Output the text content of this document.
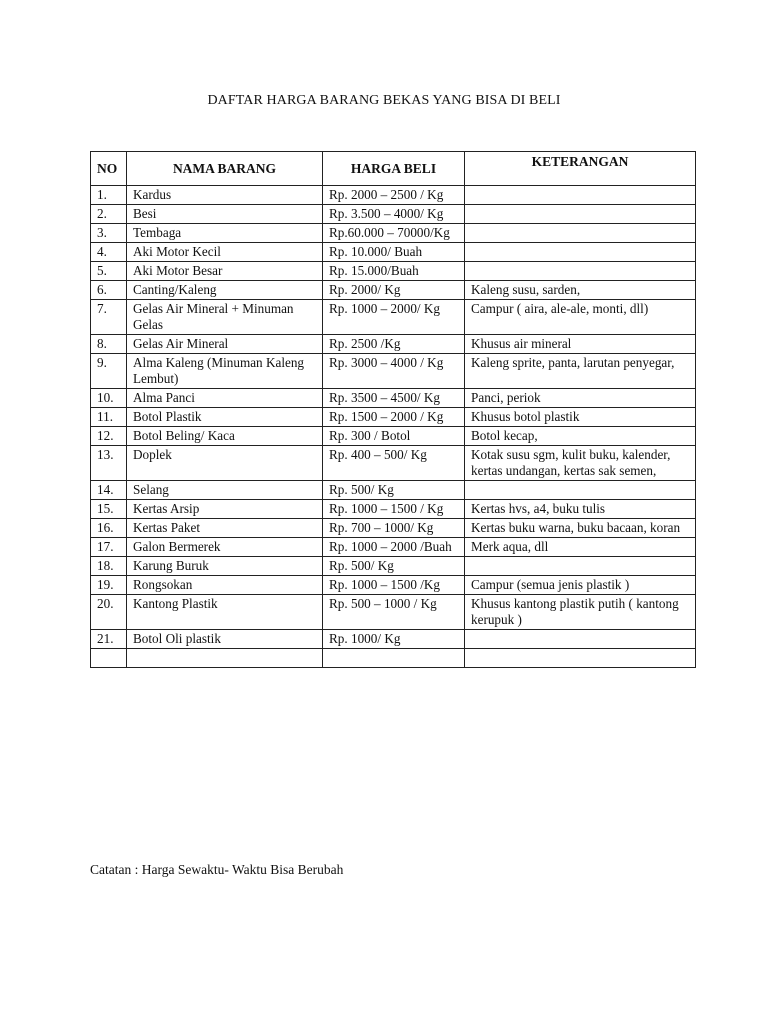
DAFTAR HARGA BARANG BEKAS YANG BISA DI BELI
NO	NAMA BARANG	HARGA BELI	KETERANGAN
1.	Kardus	Rp. 2000 – 2500 / Kg	
2.	Besi	Rp. 3.500 – 4000/ Kg	
3.	Tembaga	Rp.60.000 – 70000/Kg	
4.	Aki Motor Kecil	Rp. 10.000/ Buah	
5.	Aki Motor Besar	Rp. 15.000/Buah	
6.	Canting/Kaleng	Rp. 2000/ Kg	Kaleng susu, sarden,
7.	Gelas Air Mineral + Minuman Gelas	Rp. 1000 – 2000/ Kg	Campur ( aira, ale-ale, monti, dll)
8.	Gelas Air Mineral	Rp. 2500 /Kg	Khusus air mineral
9.	Alma Kaleng (Minuman Kaleng Lembut)	Rp. 3000 – 4000 / Kg	Kaleng sprite, panta, larutan penyegar,
10.	Alma Panci	Rp. 3500 – 4500/ Kg	Panci, periok
11.	Botol Plastik	Rp. 1500 – 2000 / Kg	Khusus botol plastik
12.	Botol Beling/ Kaca	Rp. 300 / Botol	Botol kecap,
13.	Doplek	Rp. 400 – 500/ Kg	Kotak susu sgm, kulit buku, kalender, kertas undangan, kertas sak semen,
14.	Selang	Rp. 500/ Kg	
15.	Kertas Arsip	Rp. 1000 – 1500 / Kg	Kertas hvs, a4, buku tulis
16.	Kertas Paket	Rp. 700 – 1000/ Kg	Kertas buku warna, buku bacaan, koran
17.	Galon Bermerek	Rp. 1000 – 2000 /Buah	Merk aqua, dll
18.	Karung Buruk	Rp. 500/ Kg	
19.	Rongsokan	Rp. 1000 – 1500 /Kg	Campur (semua jenis plastik )
20.	Kantong Plastik	Rp. 500 – 1000 / Kg	Khusus kantong plastik putih ( kantong kerupuk )
21.	Botol Oli plastik	Rp. 1000/ Kg	

Catatan : Harga Sewaktu- Waktu Bisa Berubah
